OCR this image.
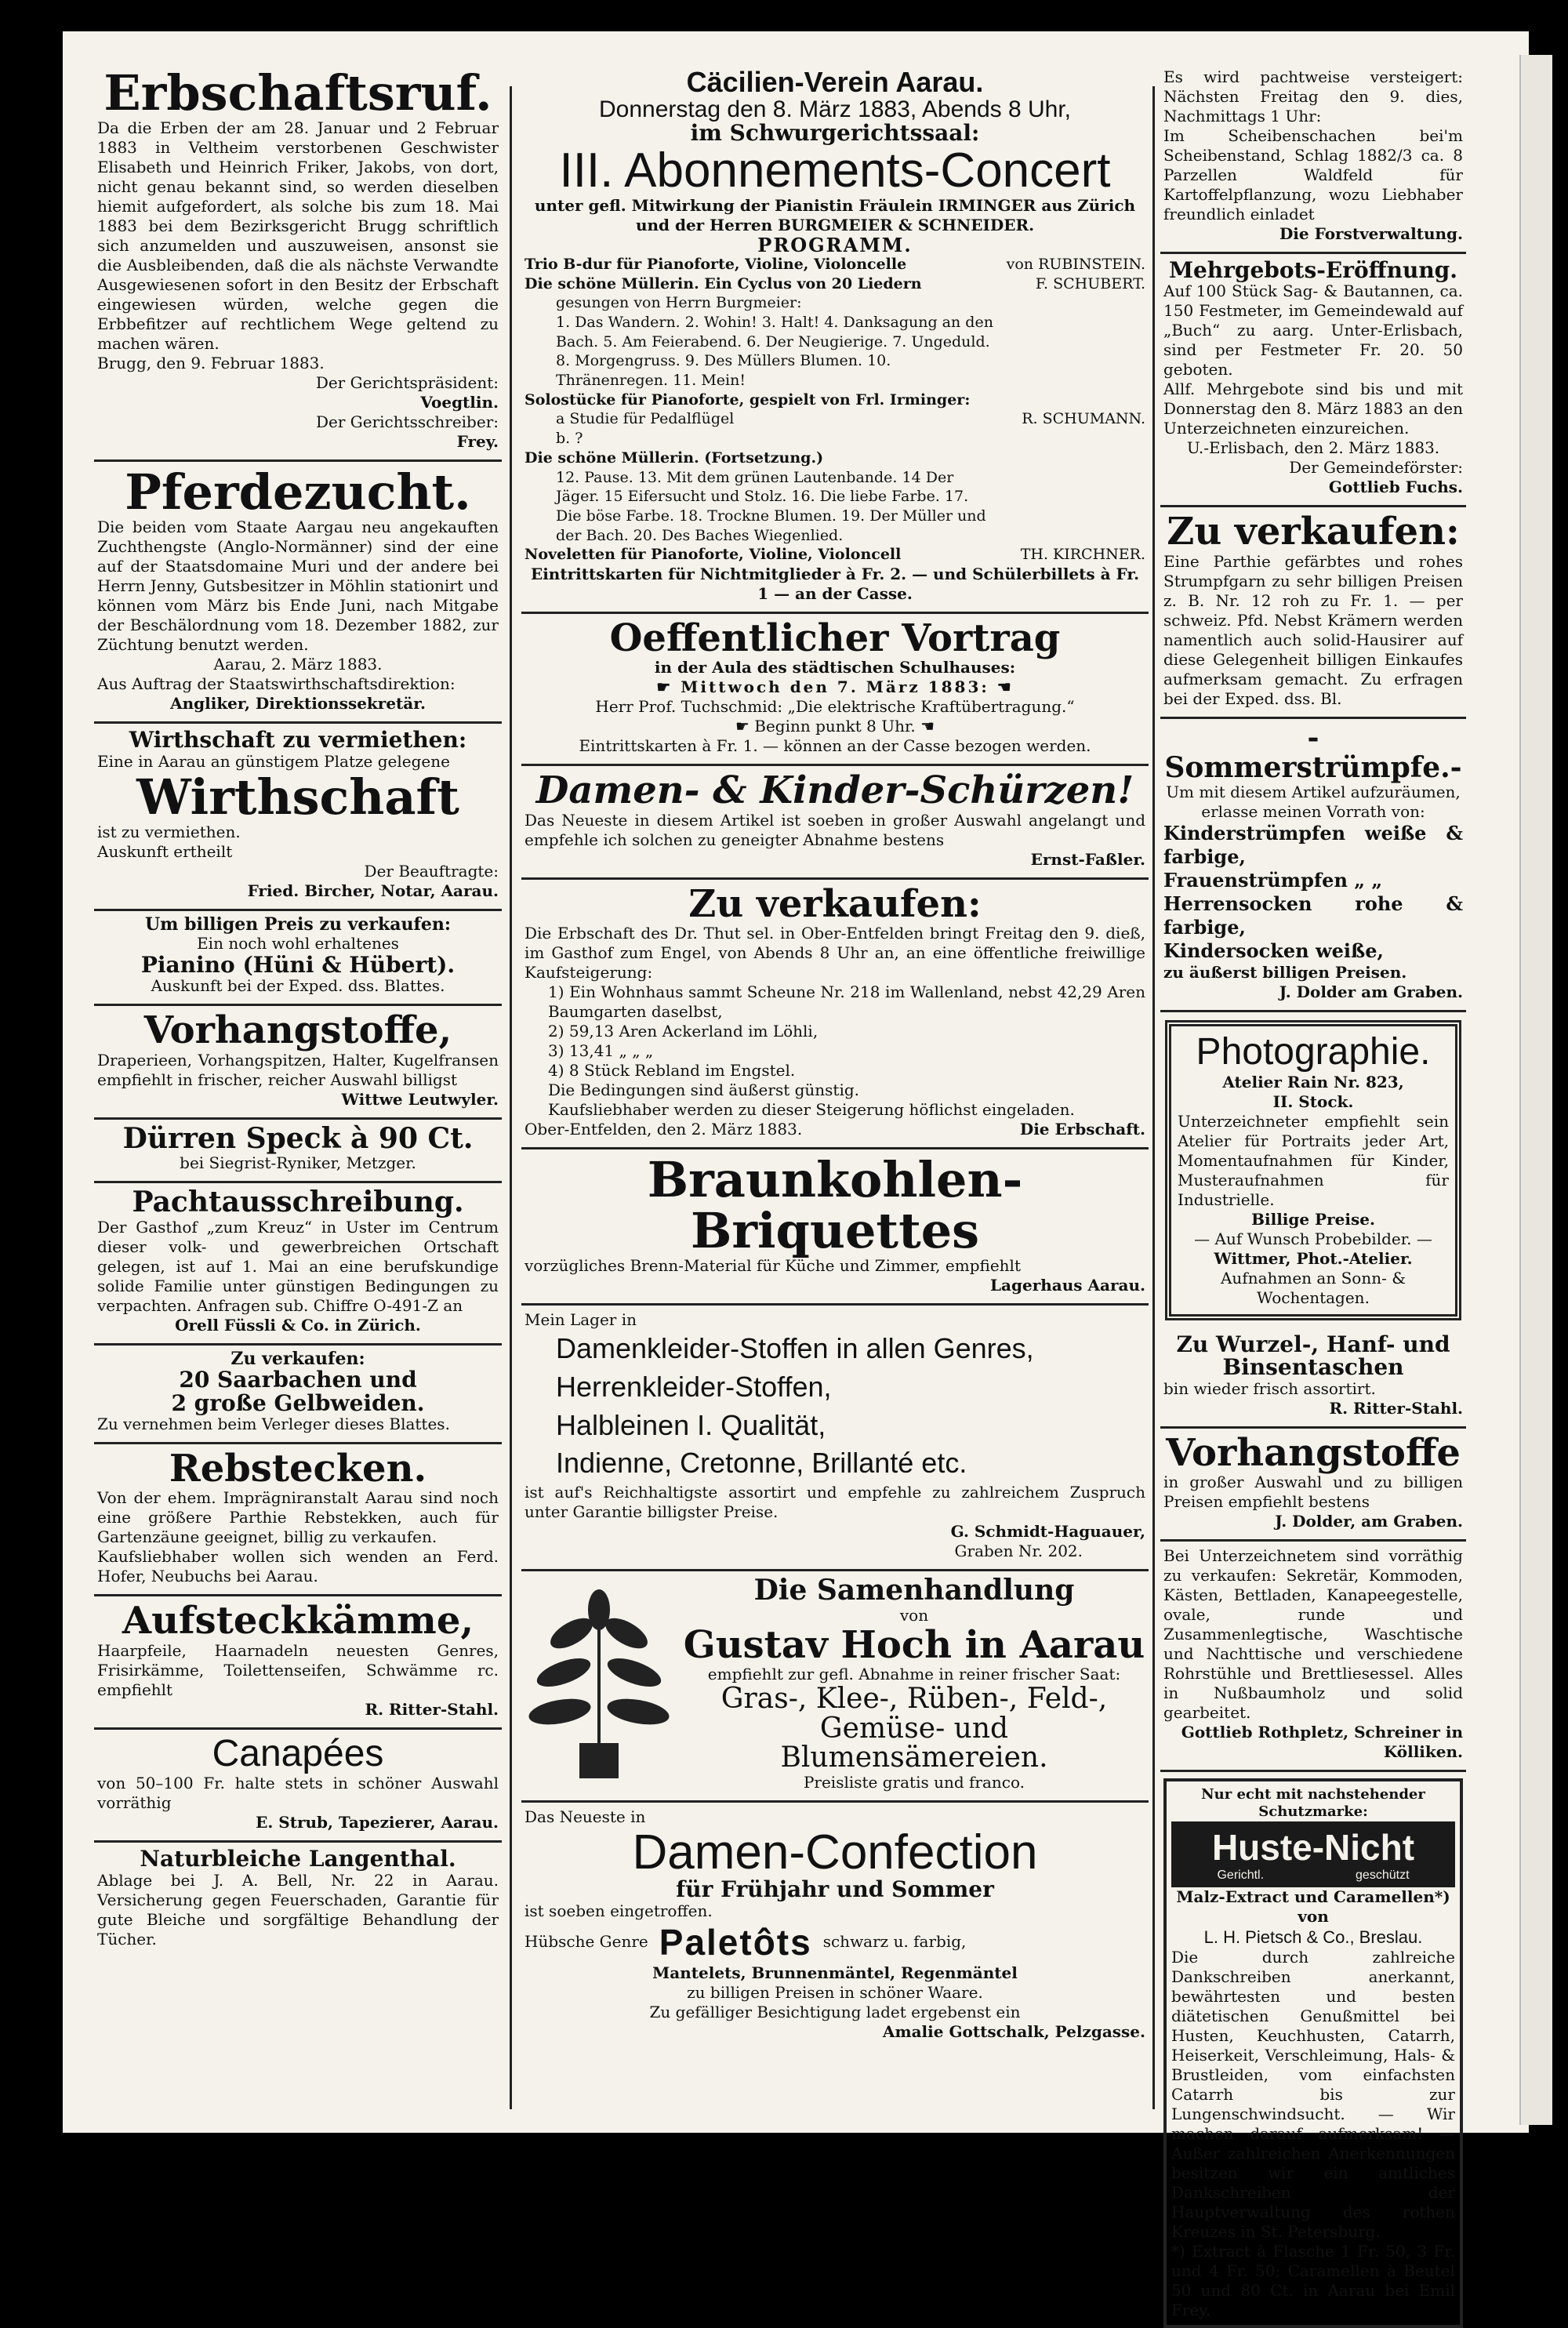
Erbschaftsruf.

Da die Erben der am 28. Januar und 2 Februar 1883 in Veltheim verstorbenen Geschwister Elisabeth und Heinrich Friker, Jakobs, von dort, nicht genau bekannt sind, so werden dieselben hiemit aufgefordert, als solche bis zum 18. Mai 1883 bei dem Bezirksgericht Brugg schriftlich sich anzumelden und auszuweisen, ansonst sie die Ausbleibenden, daß die als nächste Verwandte Ausgewiesenen sofort in den Besitz der Erbschaft eingewiesen würden, welche gegen die Erbbefitzer auf rechtlichem Wege geltend zu machen wären.

Brugg, den 9. Februar 1883.

Der Gerichtspräsident:

Voegtlin.

Der Gerichtsschreiber:

Frey.

Pferdezucht.

Die beiden vom Staate Aargau neu angekauften Zuchthengste (Anglo-Normänner) sind der eine auf der Staatsdomaine Muri und der andere bei Herrn Jenny, Gutsbesitzer in Möhlin stationirt und können vom März bis Ende Juni, nach Mitgabe der Beschälordnung vom 18. Dezember 1882, zur Züchtung benutzt werden.

Aarau, 2. März 1883.

Aus Auftrag der Staatswirthschaftsdirektion:

Angliker, Direktionssekretär.

Wirthschaft zu vermiethen:

Eine in Aarau an günstigem Platze gelegene

Wirthschaft

ist zu vermiethen.

Auskunft ertheilt

Der Beauftragte:

Fried. Bircher, Notar, Aarau.

Um billigen Preis zu verkaufen:

Ein noch wohl erhaltenes

Pianino (Hüni & Hübert).

Auskunft bei der Exped. dss. Blattes.

Vorhangstoffe,

Draperieen, Vorhangspitzen, Halter, Kugelfransen empfiehlt in frischer, reicher Auswahl billigst

Wittwe Leutwyler.

Dürren Speck à 90 Ct.

bei Siegrist-Ryniker, Metzger.

Pachtausschreibung.

Der Gasthof „zum Kreuz“ in Uster im Centrum dieser volk- und gewerbreichen Ortschaft gelegen, ist auf 1. Mai an eine berufskundige solide Familie unter günstigen Bedingungen zu verpachten. Anfragen sub. Chiffre O-491-Z an

Orell Füssli & Co. in Zürich.

Zu verkaufen:
20 Saarbachen und
2 große Gelbweiden.

Zu vernehmen beim Verleger dieses Blattes.

Rebstecken.

Von der ehem. Imprägniranstalt Aarau sind noch eine größere Parthie Rebstekken, auch für Gartenzäune geeignet, billig zu verkaufen.

Kaufsliebhaber wollen sich wenden an Ferd. Hofer, Neubuchs bei Aarau.

Aufsteckkämme,

Haarpfeile, Haarnadeln neuesten Genres, Frisirkämme, Toilettenseifen, Schwämme rc. empfiehlt

R. Ritter-Stahl.

Canapées

von 50–100 Fr. halte stets in schöner Auswahl vorräthig

E. Strub, Tapezierer, Aarau.

Naturbleiche Langenthal.

Ablage bei J. A. Bell, Nr. 22 in Aarau. Versicherung gegen Feuerschaden, Garantie für gute Bleiche und sorgfältige Behandlung der Tücher.

Cäcilien-Verein Aarau.
Donnerstag den 8. März 1883, Abends 8 Uhr,
im Schwurgerichtssaal:
III. Abonnements-Concert

unter gefl. Mitwirkung der Pianistin Fräulein IRMINGER aus Zürich und der Herren BURGMEIER & SCHNEIDER.

PROGRAMM.
Trio B-dur für Pianoforte, Violine, Violoncelle	von RUBINSTEIN.
Die schöne Müllerin. Ein Cyclus von 20 Liedern	F. SCHUBERT.
gesungen von Herrn Burgmeier:
1. Das Wandern. 2. Wohin! 3. Halt! 4. Danksagung an den Bach. 5. Am Feierabend. 6. Der Neugierige. 7. Ungeduld. 8. Morgengruss. 9. Des Müllers Blumen. 10. Thränenregen. 11. Mein!
Solostücke für Pianoforte, gespielt von Frl. Irminger:
a Studie für Pedalflügel	R. SCHUMANN.
b. ?
Die schöne Müllerin. (Fortsetzung.)
12. Pause. 13. Mit dem grünen Lautenbande. 14 Der Jäger. 15 Eifersucht und Stolz. 16. Die liebe Farbe. 17. Die böse Farbe. 18. Trockne Blumen. 19. Der Müller und der Bach. 20. Des Baches Wiegenlied.
Noveletten für Pianoforte, Violine, Violoncell	TH. KIRCHNER.

Eintrittskarten für Nichtmitglieder à Fr. 2. — und Schülerbillets à Fr. 1 — an der Casse.

Oeffentlicher Vortrag

in der Aula des städtischen Schulhauses:

☛ Mittwoch den 7. März 1883: ☚

Herr Prof. Tuchschmid: „Die elektrische Kraftübertragung.“

☛ Beginn punkt 8 Uhr. ☚

Eintrittskarten à Fr. 1. — können an der Casse bezogen werden.

Damen- & Kinder-Schürzen!

Das Neueste in diesem Artikel ist soeben in großer Auswahl angelangt und empfehle ich solchen zu geneigter Abnahme bestens

Ernst-Faßler.

Zu verkaufen:

Die Erbschaft des Dr. Thut sel. in Ober-Entfelden bringt Freitag den 9. dieß, im Gasthof zum Engel, von Abends 8 Uhr an, an eine öffentliche freiwillige Kaufsteigerung:

1) Ein Wohnhaus sammt Scheune Nr. 218 im Wallenland, nebst 42,29 Aren Baumgarten daselbst,

2) 59,13 Aren Ackerland im Löhli,

3) 13,41 „ „ „

4) 8 Stück Rebland im Engstel.

Die Bedingungen sind äußerst günstig.

Kaufsliebhaber werden zu dieser Steigerung höflichst eingeladen.

Ober-Entfelden, den 2. März 1883.	Die Erbschaft.

Braunkohlen-Briquettes

vorzügliches Brenn-Material für Küche und Zimmer, empfiehlt

Lagerhaus Aarau.

Mein Lager in

Damenkleider-Stoffen in allen Genres,
Herrenkleider-Stoffen,
Halbleinen I. Qualität,
Indienne, Cretonne, Brillanté etc.

ist auf's Reichhaltigste assortirt und empfehle zu zahlreichem Zuspruch unter Garantie billigster Preise.

G. Schmidt-Haguauer,

Graben Nr. 202.

Die Samenhandlung

von

Gustav Hoch in Aarau

empfiehlt zur gefl. Abnahme in reiner frischer Saat:

Gras-, Klee-, Rüben-, Feld-,
Gemüse- und Blumensämereien.

Preisliste gratis und franco.

Das Neueste in

Damen-Confection
für Frühjahr und Sommer

ist soeben eingetroffen.

Hübsche Genre Paletôts schwarz u. farbig,

Mantelets, Brunnenmäntel, Regenmäntel

zu billigen Preisen in schöner Waare.

Zu gefälliger Besichtigung ladet ergebenst ein

Amalie Gottschalk, Pelzgasse.

Es wird pachtweise versteigert: Nächsten Freitag den 9. dies, Nachmittags 1 Uhr:

Im Scheibenschachen bei'm Scheibenstand, Schlag 1882/3 ca. 8 Parzellen Waldfeld für Kartoffelpflanzung, wozu Liebhaber freundlich einladet

Die Forstverwaltung.

Mehrgebots-Eröffnung.

Auf 100 Stück Sag- & Bautannen, ca. 150 Festmeter, im Gemeindewald auf „Buch“ zu aarg. Unter-Erlisbach, sind per Festmeter Fr. 20. 50 geboten.

Allf. Mehrgebote sind bis und mit Donnerstag den 8. März 1883 an den Unterzeichneten einzureichen.

U.-Erlisbach, den 2. März 1883.

Der Gemeindeförster:

Gottlieb Fuchs.

Zu verkaufen:

Eine Parthie gefärbtes und rohes Strumpfgarn zu sehr billigen Preisen z. B. Nr. 12 roh zu Fr. 1. — per schweiz. Pfd. Nebst Krämern werden namentlich auch solid-Hausirer auf diese Gelegenheit billigen Einkaufes aufmerksam gemacht. Zu erfragen bei der Exped. dss. Bl.

-Sommerstrümpfe.-

Um mit diesem Artikel aufzuräumen, erlasse meinen Vorrath von:

Kinderstrümpfen weiße & farbige,

Frauenstrümpfen „ „

Herrensocken rohe & farbige,

Kindersocken weiße,

zu äußerst billigen Preisen.

J. Dolder am Graben.

Photographie.

Atelier Rain Nr. 823,

II. Stock.

Unterzeichneter empfiehlt sein Atelier für Portraits jeder Art, Momentaufnahmen für Kinder, Musteraufnahmen für Industrielle.

Billige Preise.

— Auf Wunsch Probebilder. —

Wittmer, Phot.-Atelier.

Aufnahmen an Sonn- & Wochentagen.

Zu Wurzel-, Hanf- und Binsentaschen

bin wieder frisch assortirt.

R. Ritter-Stahl.

Vorhangstoffe

in großer Auswahl und zu billigen Preisen empfiehlt bestens

J. Dolder, am Graben.

Bei Unterzeichnetem sind vorräthig zu verkaufen: Sekretär, Kommoden, Kästen, Bettladen, Kanapeegestelle, ovale, runde und Zusammenlegtische, Waschtische und Nachttische und verschiedene Rohrstühle und Brettliesessel. Alles in Nußbaumholz und solid gearbeitet.

Gottlieb Rothpletz, Schreiner in Kölliken.

Nur echt mit nachstehender Schutzmarke:

Huste-Nicht
Gerichtl.	geschützt

Malz-Extract und Caramellen*) von

L. H. Pietsch & Co., Breslau.

Die durch zahlreiche Dankschreiben anerkannt, bewährtesten und besten diätetischen Genußmittel bei Husten, Keuchhusten, Catarrh, Heiserkeit, Verschleimung, Hals- & Brustleiden, vom einfachsten Catarrh bis zur Lungenschwindsucht. — Wir machen darauf aufmerksam! — Außer zahlreichen Anerkennungen besitzen wir ein amtliches Dankschreiben der Hauptverwaltung des rothen Kreuzes in St. Petersburg.

*) Extract à Flasche 1 Fr. 50, 3 Fr. und 4 Fr. 50; Caramellen à Beutel 50 und 80 Ct. in Aarau bei Emil Frey.
